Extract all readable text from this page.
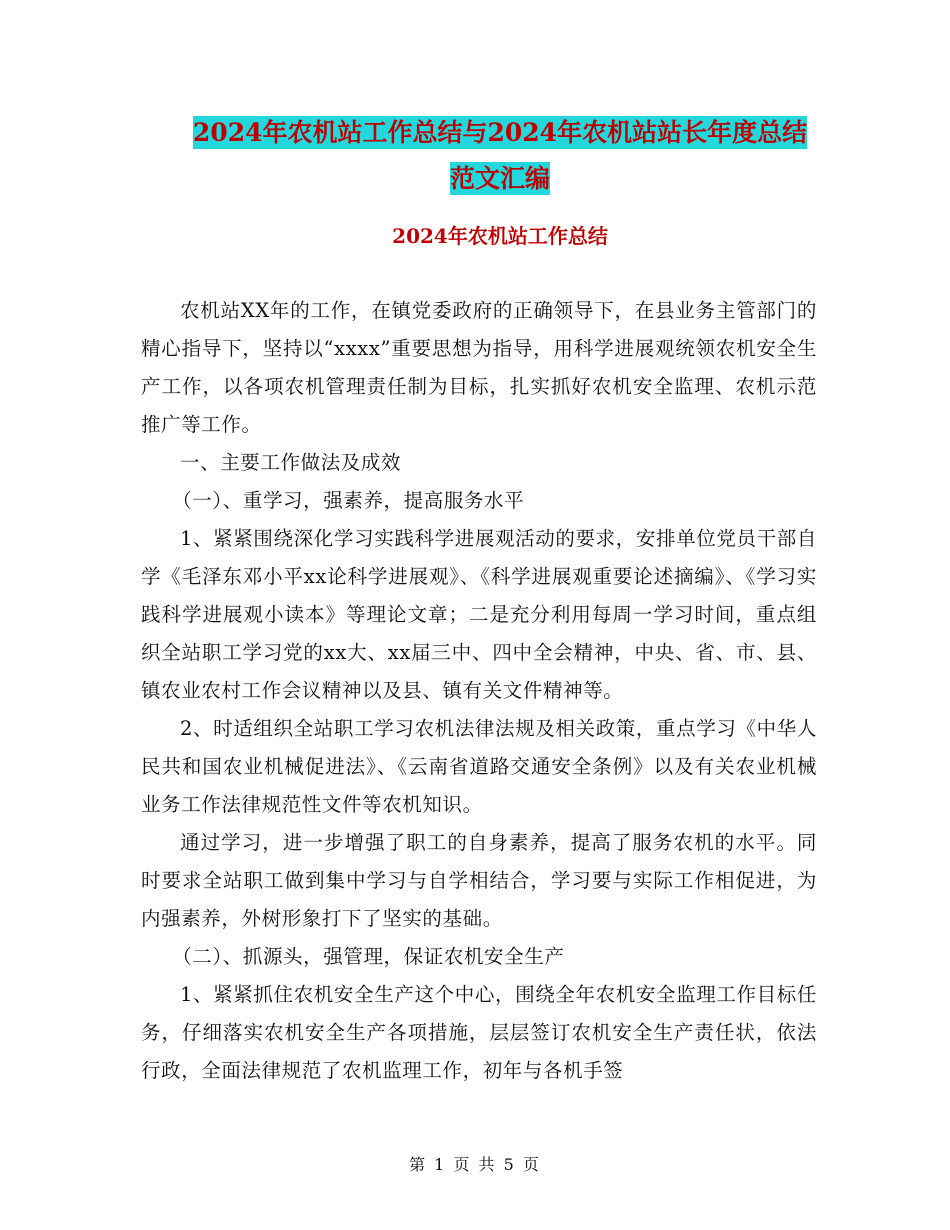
2024年农机站工作总结与2024年农机站站长年度总结
范文汇编
2024年农机站工作总结

农机站XX年的工作，在镇党委政府的正确领导下，在县业务主管部门的精心指导下，坚持以“xxxx”重要思想为指导，用科学进展观统领农机安全生产工作，以各项农机管理责任制为目标，扎实抓好农机安全监理、农机示范推广等工作。

一、主要工作做法及成效

（一）、重学习，强素养，提高服务水平

1、紧紧围绕深化学习实践科学进展观活动的要求，安排单位党员干部自学《毛泽东邓小平xx论科学进展观》、《科学进展观重要论述摘编》、《学习实践科学进展观小读本》等理论文章；二是充分利用每周一学习时间，重点组织全站职工学习党的xx大、xx届三中、四中全会精神，中央、省、市、县、镇农业农村工作会议精神以及县、镇有关文件精神等。

2、时适组织全站职工学习农机法律法规及相关政策，重点学习《中华人民共和国农业机械促进法》、《云南省道路交通安全条例》以及有关农业机械业务工作法律规范性文件等农机知识。

通过学习，进一步增强了职工的自身素养，提高了服务农机的水平。同时要求全站职工做到集中学习与自学相结合，学习要与实际工作相促进，为内强素养，外树形象打下了坚实的基础。

（二）、抓源头，强管理，保证农机安全生产

1、紧紧抓住农机安全生产这个中心，围绕全年农机安全监理工作目标任务，仔细落实农机安全生产各项措施，层层签订农机安全生产责任状，依法行政，全面法律规范了农机监理工作，初年与各机手签

第 1 页 共 5 页
